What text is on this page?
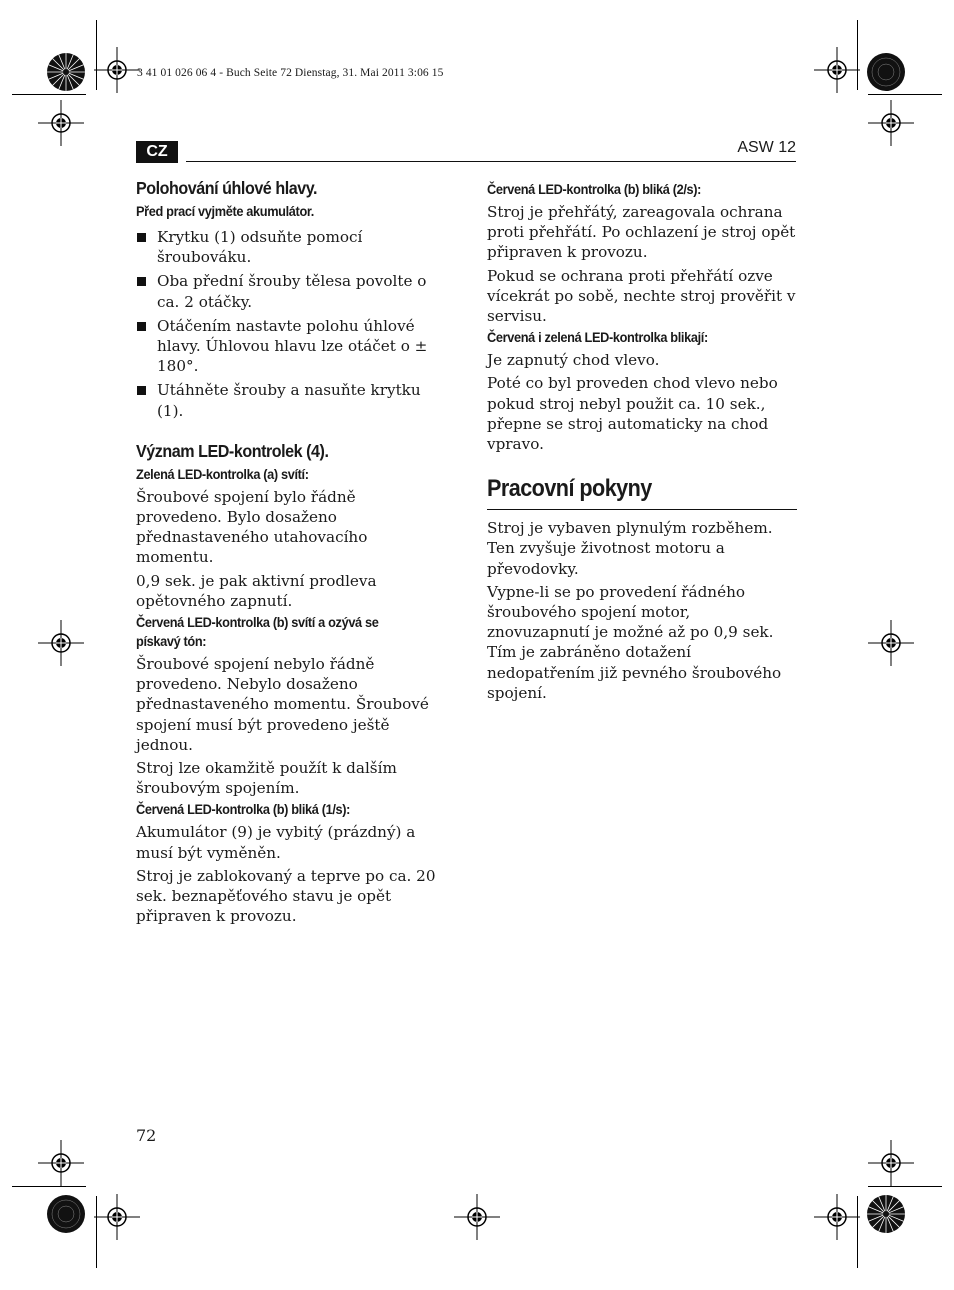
3 41 01 026 06 4 - Buch Seite 72 Dienstag, 31. Mai 2011 3:06 15
CZ	ASW 12
Polohování úhlové hlavy.
Před prací vyjměte akumulátor.
Krytku (1) odsuňte pomocí šroubováku.
Oba přední šrouby tělesa povolte o ca. 2 otáčky.
Otáčením nastavte polohu úhlové hlavy. Úhlovou hlavu lze otáčet o ± 180°.
Utáhněte šrouby a nasuňte krytku (1).
Význam LED-kontrolek (4).
Zelená LED-kontrolka (a) svítí:

Šroubové spojení bylo řádně provedeno. Bylo dosaženo přednastaveného utahovacího momentu.

0,9 sek. je pak aktivní prodleva opětovného zapnutí.

Červená LED-kontrolka (b) svítí a ozývá se
pískavý tón:

Šroubové spojení nebylo řádně provedeno. Nebylo dosaženo přednastaveného momentu. Šroubové spojení musí být provedeno ještě jednou.

Stroj lze okamžitě použít k dalším šroubovým spojením.

Červená LED-kontrolka (b) bliká (1/s):

Akumulátor (9) je vybitý (prázdný) a musí být vyměněn.

Stroj je zablokovaný a teprve po ca. 20 sek. beznapěťového stavu je opět připraven k provozu.

Červená LED-kontrolka (b) bliká (2/s):

Stroj je přehřátý, zareagovala ochrana proti přehřátí. Po ochlazení je stroj opět připraven k provozu.

Pokud se ochrana proti přehřátí ozve vícekrát po sobě, nechte stroj prověřit v servisu.

Červená i zelená LED-kontrolka blikají:

Je zapnutý chod vlevo.

Poté co byl proveden chod vlevo nebo pokud stroj nebyl použit ca. 10 sek., přepne se stroj automaticky na chod vpravo.

Pracovní pokyny

Stroj je vybaven plynulým rozběhem. Ten zvyšuje životnost motoru a převodovky.

Vypne-li se po provedení řádného šroubového spojení motor, znovuzapnutí je možné až po 0,9 sek. Tím je zabráněno dotažení nedopatřením již pevného šroubového spojení.

72
